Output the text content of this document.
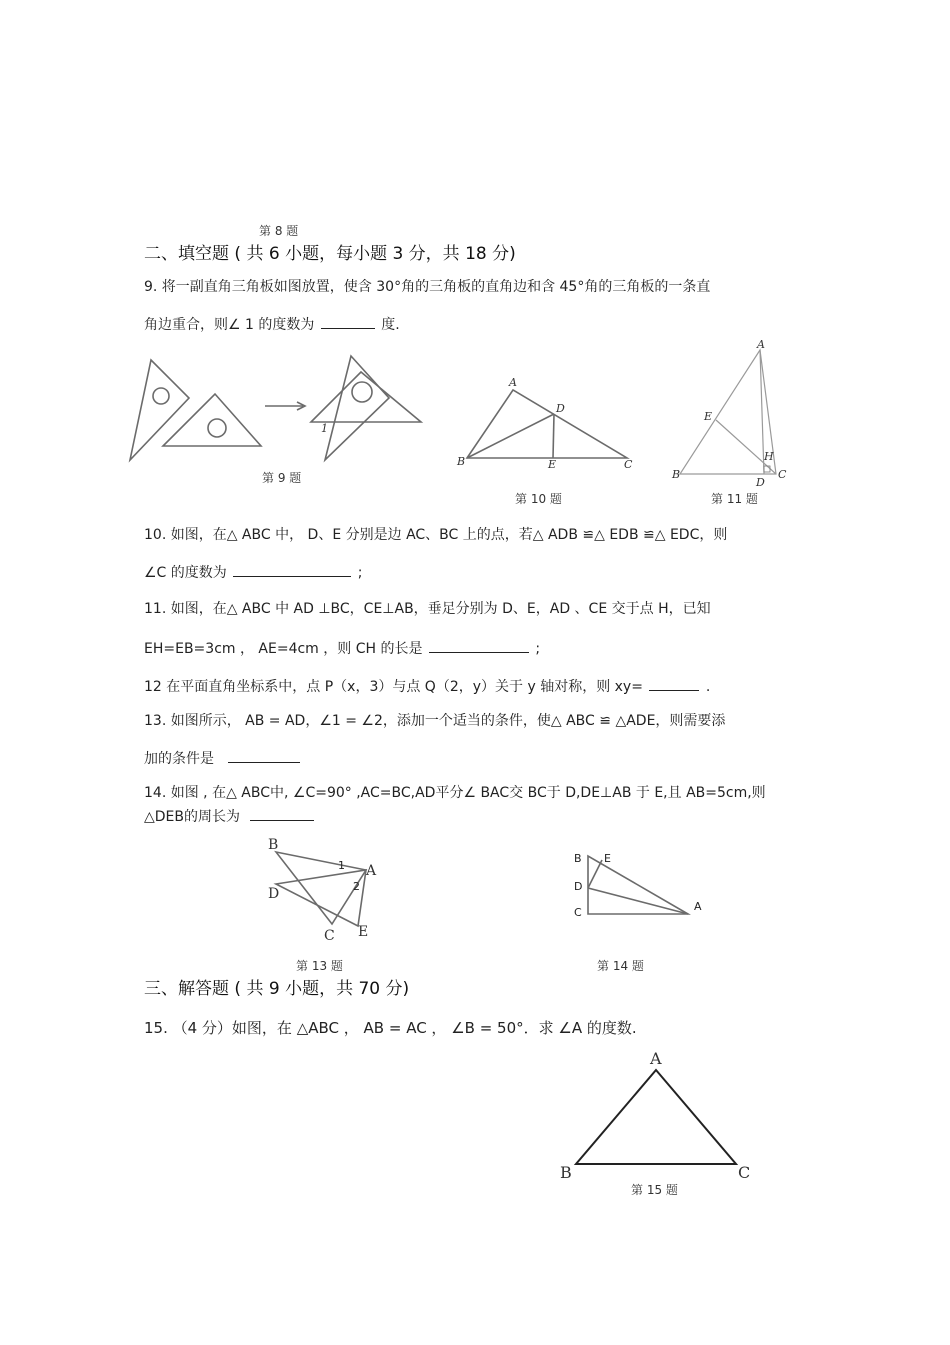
第 8 题
二、填空题 ( 共 6 小题，每小题 3 分，共 18 分)
9. 将一副直角三角板如图放置，使含 30°角的三角板的直角边和含 45°角的三角板的一条直
角边重合，则∠ 1 的度数为	度.
1
第 9 题
A
B	C
D
E
第 10 题
A
B	C
D
E
H
第 11 题
10. 如图，在△ ABC 中， D、E 分别是边 AC、BC 上的点，若△ ADB ≌△ EDB ≌△ EDC，则
∠C 的度数为	;
11. 如图，在△ ABC 中 AD ⊥BC，CE⊥AB，垂足分别为 D、E，AD 、CE 交于点 H，已知
EH=EB=3cm ， AE=4cm ，则 CH 的长是	;
12 在平面直角坐标系中，点 P（x，3）与点 Q（2，y）关于 y 轴对称，则 xy=	.
13. 如图所示， AB = AD，∠1 = ∠2，添加一个适当的条件，使△ ABC ≌ △ADE，则需要添
加的条件是
14. 如图 , 在△ ABC中, ∠C=90° ,AC=BC,AD平分∠ BAC交 BC于 D,DE⊥AB 于 E,且 AB=5cm,则
△DEB的周长为
B
D
A
C E
1
2
第 13 题
B E
D
C	A
第 14 题
三、解答题 ( 共 9 小题，共 70 分)
15. （4 分）如图，在 △ABC ， AB = AC ， ∠B = 50°．求 ∠A 的度数.
A
B	C
第 15 题
